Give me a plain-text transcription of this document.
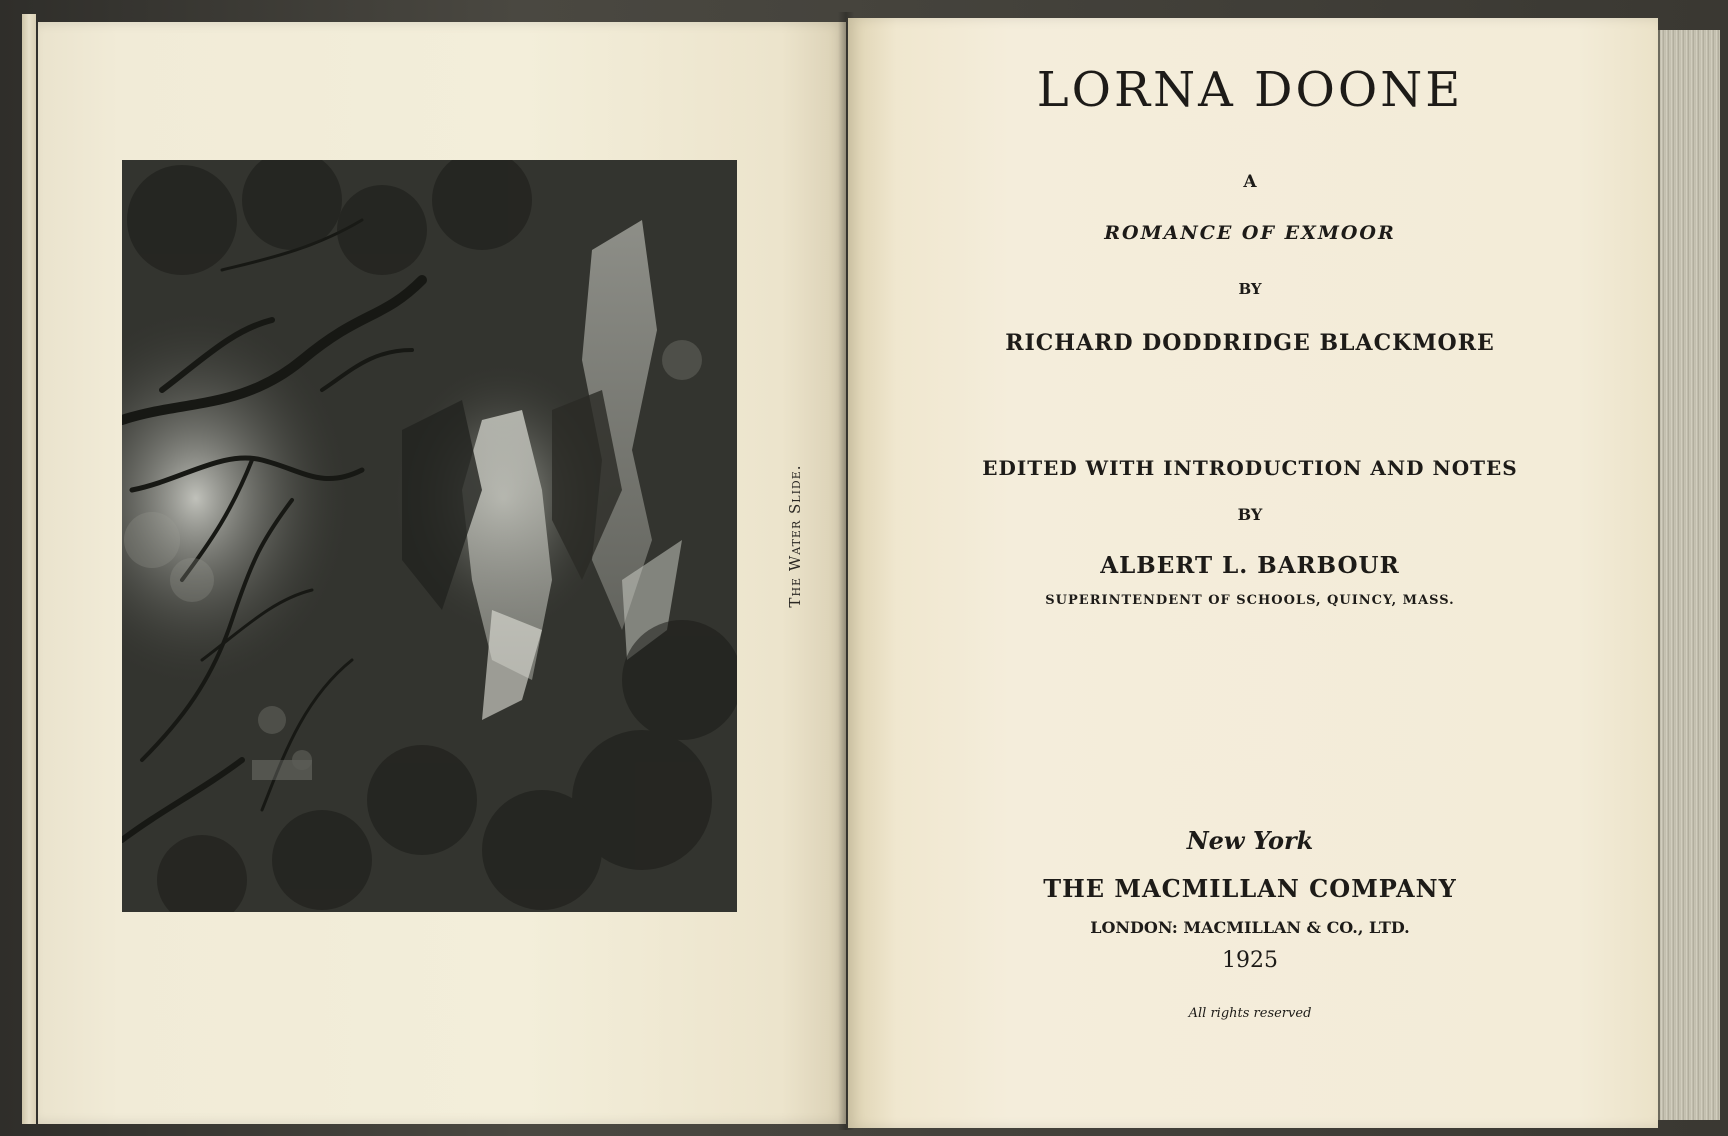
The Water Slide.
LORNA DOONE
A
ROMANCE OF EXMOOR
BY
RICHARD DODDRIDGE BLACKMORE
EDITED WITH INTRODUCTION AND NOTES
BY
ALBERT L. BARBOUR
SUPERINTENDENT OF SCHOOLS, QUINCY, MASS.
New York
THE MACMILLAN COMPANY
LONDON: MACMILLAN & CO., LTD.
1925
All rights reserved
